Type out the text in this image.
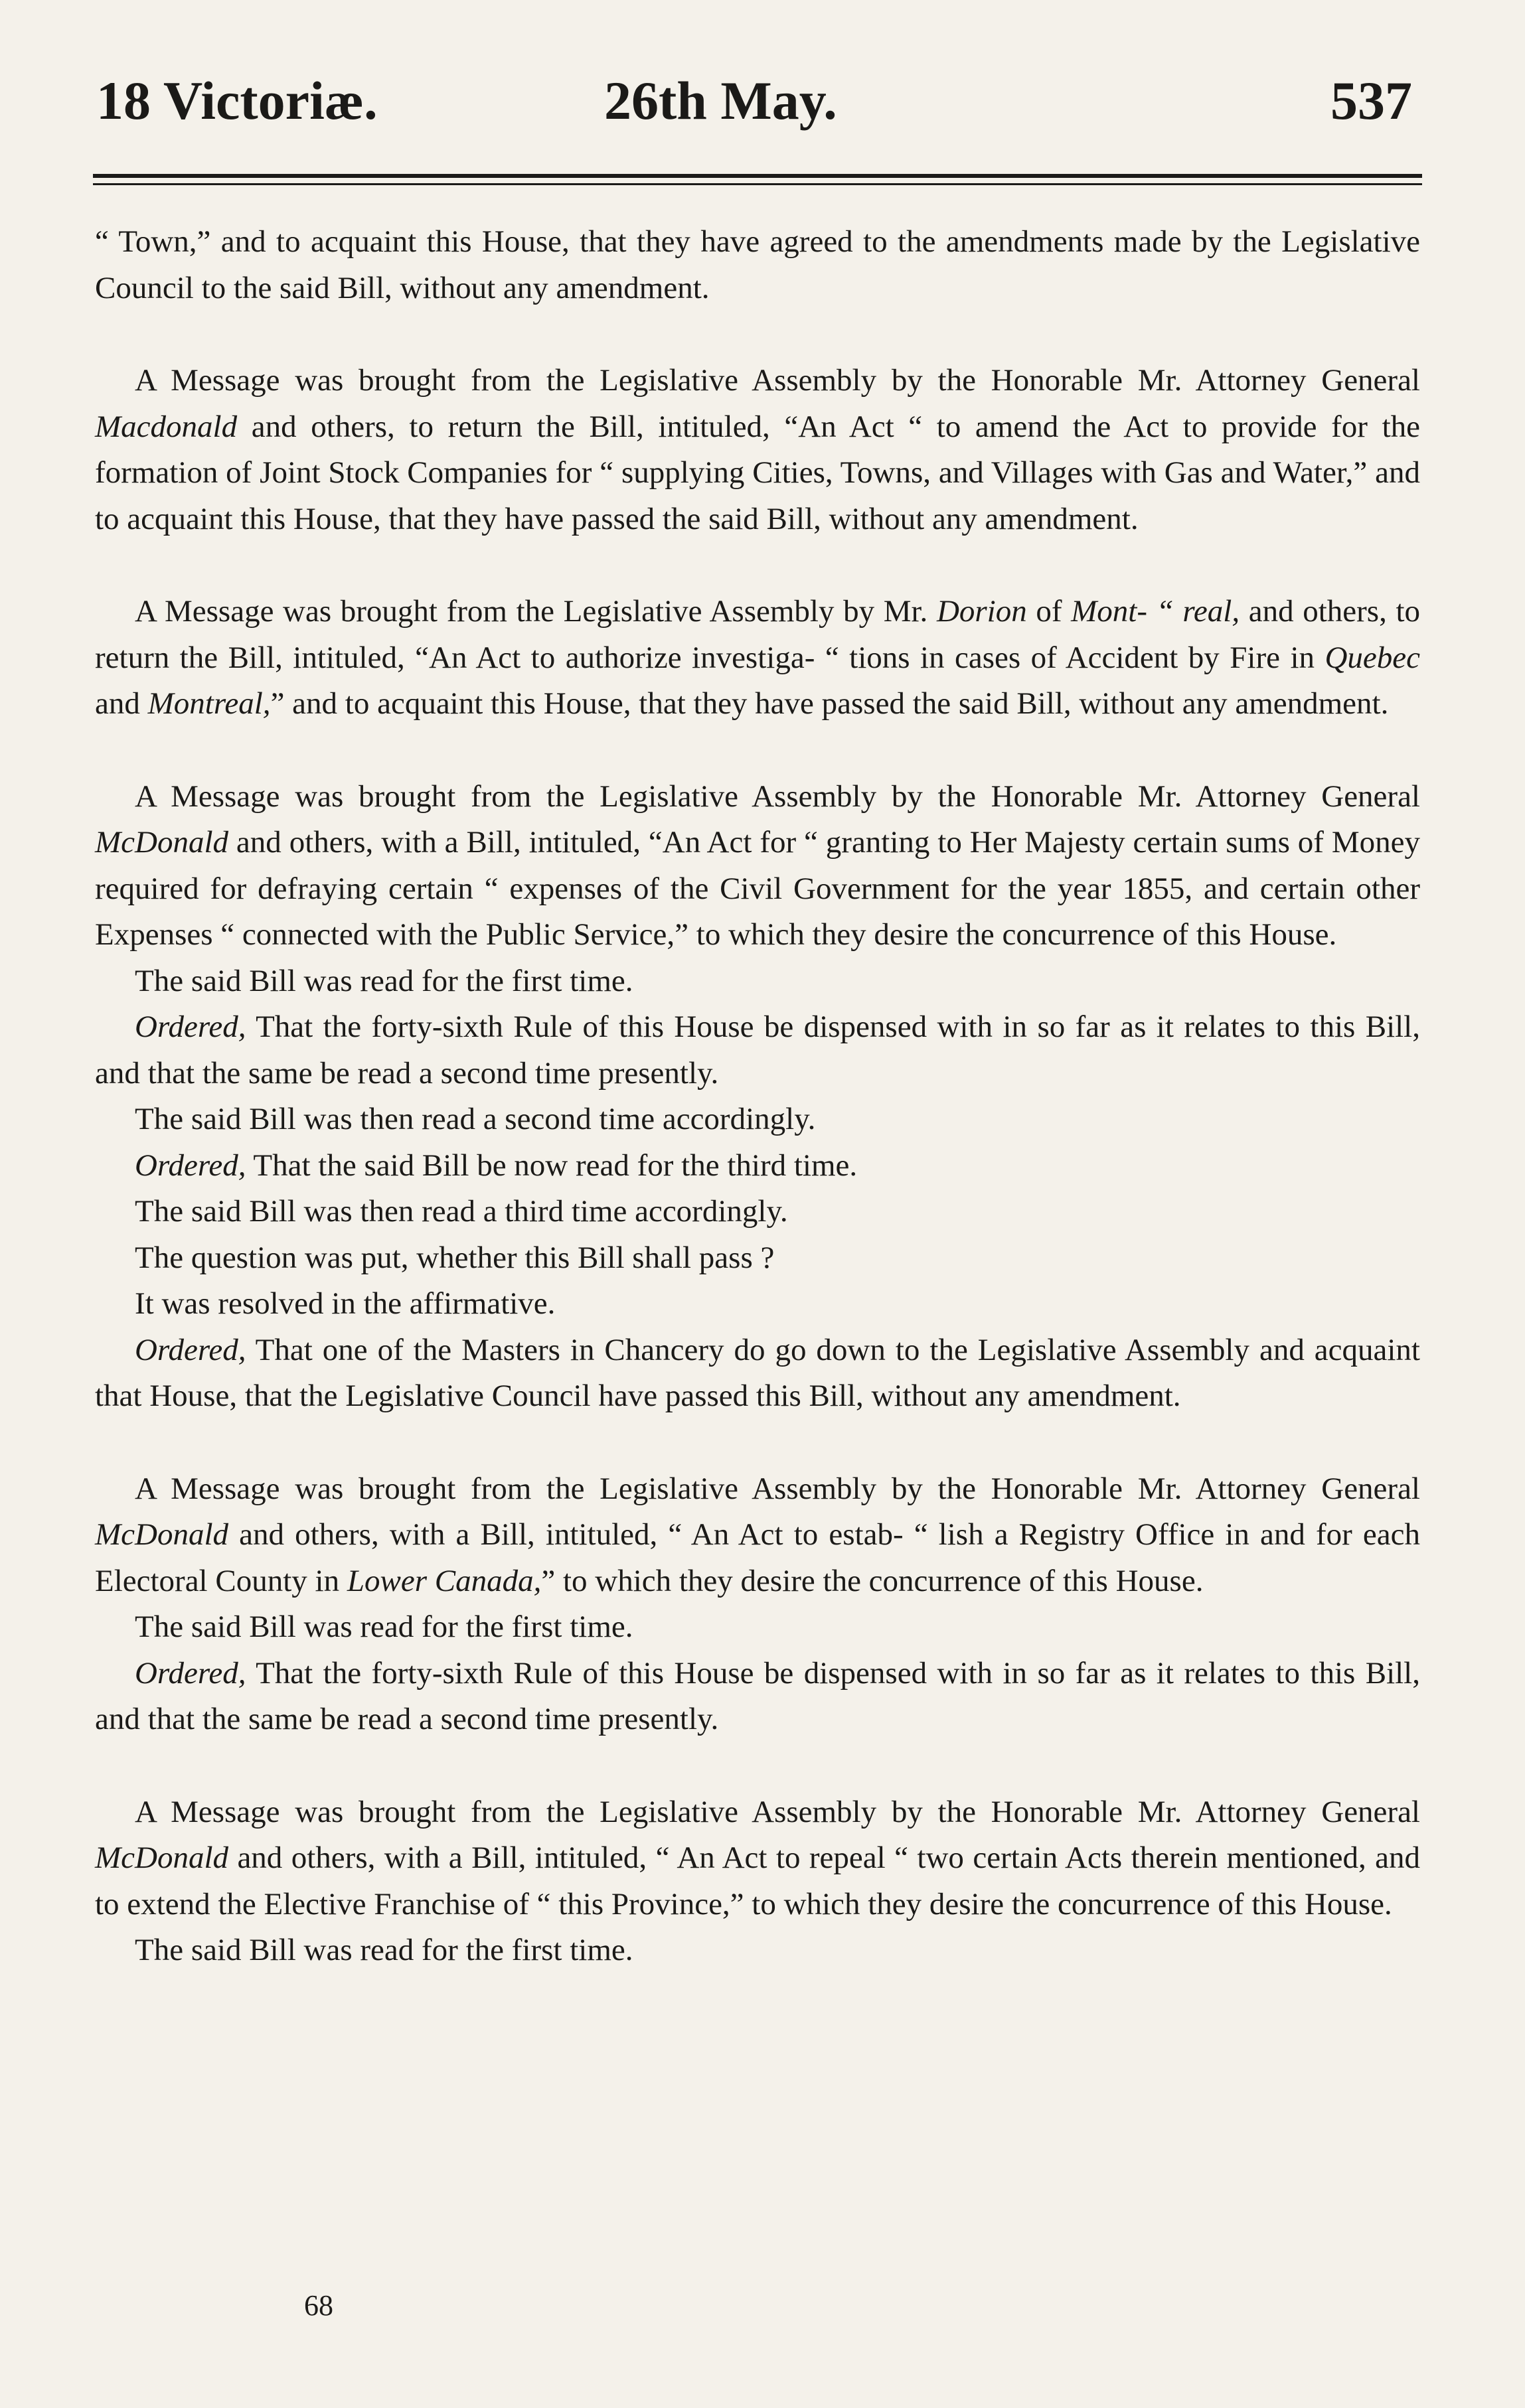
18 Victoriæ.	26th May.	537

“ Town,” and to acquaint this House, that they have agreed to the amendments made by the Legislative Council to the said Bill, without any amendment.

A Message was brought from the Legislative Assembly by the Honorable Mr. Attorney General Macdonald and others, to return the Bill, intituled, “An Act “ to amend the Act to provide for the formation of Joint Stock Companies for “ supplying Cities, Towns, and Villages with Gas and Water,” and to acquaint this House, that they have passed the said Bill, without any amendment.

A Message was brought from the Legislative Assembly by Mr. Dorion of Mont- “ real, and others, to return the Bill, intituled, “An Act to authorize investiga- “ tions in cases of Accident by Fire in Quebec and Montreal,” and to acquaint this House, that they have passed the said Bill, without any amendment.

A Message was brought from the Legislative Assembly by the Honorable Mr. Attorney General McDonald and others, with a Bill, intituled, “An Act for “ granting to Her Majesty certain sums of Money required for defraying certain “ expenses of the Civil Government for the year 1855, and certain other Expenses “ connected with the Public Service,” to which they desire the concurrence of this House.

The said Bill was read for the first time.

Ordered, That the forty-sixth Rule of this House be dispensed with in so far as it relates to this Bill, and that the same be read a second time presently.

The said Bill was then read a second time accordingly.

Ordered, That the said Bill be now read for the third time.

The said Bill was then read a third time accordingly.

The question was put, whether this Bill shall pass ?

It was resolved in the affirmative.

Ordered, That one of the Masters in Chancery do go down to the Legislative Assembly and acquaint that House, that the Legislative Council have passed this Bill, without any amendment.

A Message was brought from the Legislative Assembly by the Honorable Mr. Attorney General McDonald and others, with a Bill, intituled, “ An Act to estab- “ lish a Registry Office in and for each Electoral County in Lower Canada,” to which they desire the concurrence of this House.

The said Bill was read for the first time.

Ordered, That the forty-sixth Rule of this House be dispensed with in so far as it relates to this Bill, and that the same be read a second time presently.

A Message was brought from the Legislative Assembly by the Honorable Mr. Attorney General McDonald and others, with a Bill, intituled, “ An Act to repeal “ two certain Acts therein mentioned, and to extend the Elective Franchise of “ this Province,” to which they desire the concurrence of this House.

The said Bill was read for the first time.

68
